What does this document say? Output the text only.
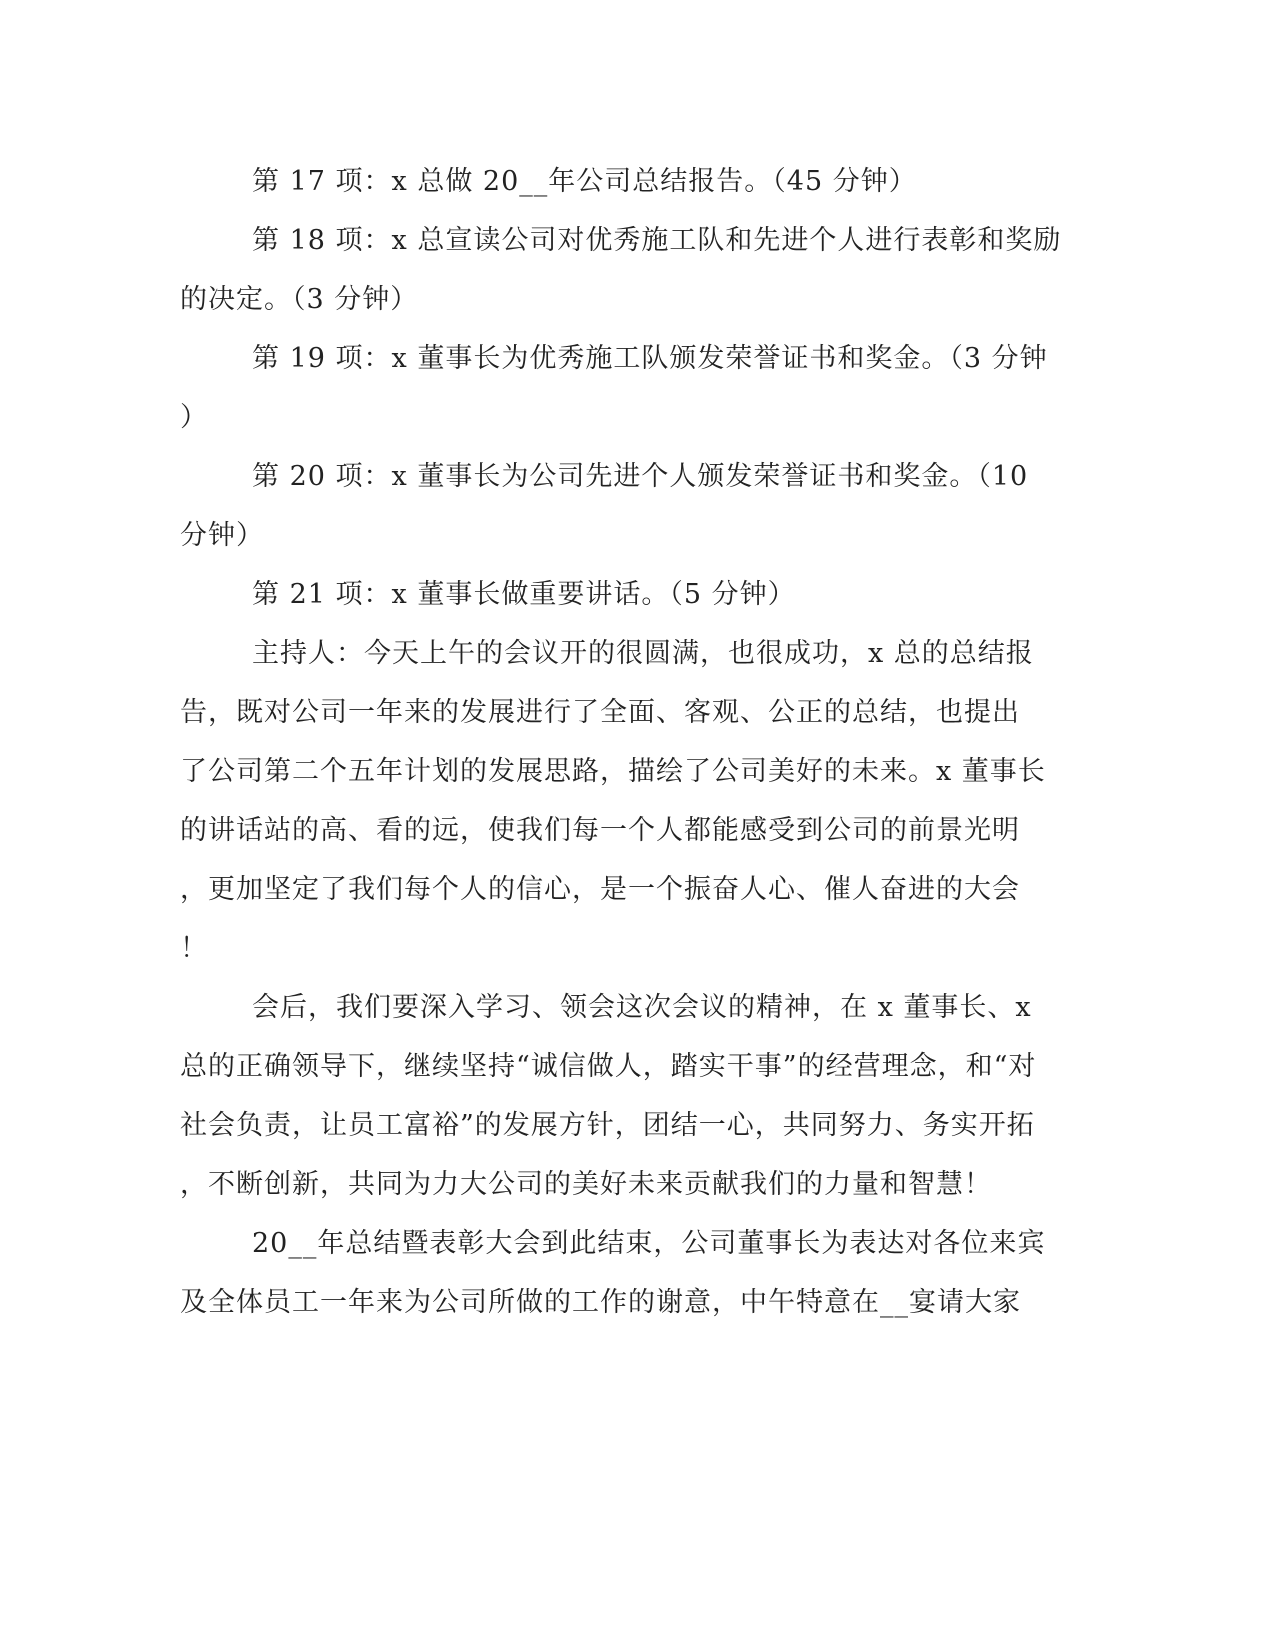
第 17 项：x 总做 20__年公司总结报告。（45 分钟）
第 18 项：x 总宣读公司对优秀施工队和先进个人进行表彰和奖励
的决定。（3 分钟）
第 19 项：x 董事长为优秀施工队颁发荣誉证书和奖金。（3 分钟
）
第 20 项：x 董事长为公司先进个人颁发荣誉证书和奖金。（10
分钟）
第 21 项：x 董事长做重要讲话。（5 分钟）
主持人：今天上午的会议开的很圆满，也很成功，x 总的总结报
告，既对公司一年来的发展进行了全面、客观、公正的总结，也提出
了公司第二个五年计划的发展思路，描绘了公司美好的未来。x 董事长
的讲话站的高、看的远，使我们每一个人都能感受到公司的前景光明
，更加坚定了我们每个人的信心，是一个振奋人心、催人奋进的大会
！
会后，我们要深入学习、领会这次会议的精神，在 x 董事长、x
总的正确领导下，继续坚持“诚信做人，踏实干事”的经营理念，和“对
社会负责，让员工富裕”的发展方针，团结一心，共同努力、务实开拓
，不断创新，共同为力大公司的美好未来贡献我们的力量和智慧！
20__年总结暨表彰大会到此结束，公司董事长为表达对各位来宾
及全体员工一年来为公司所做的工作的谢意，中午特意在__宴请大家
